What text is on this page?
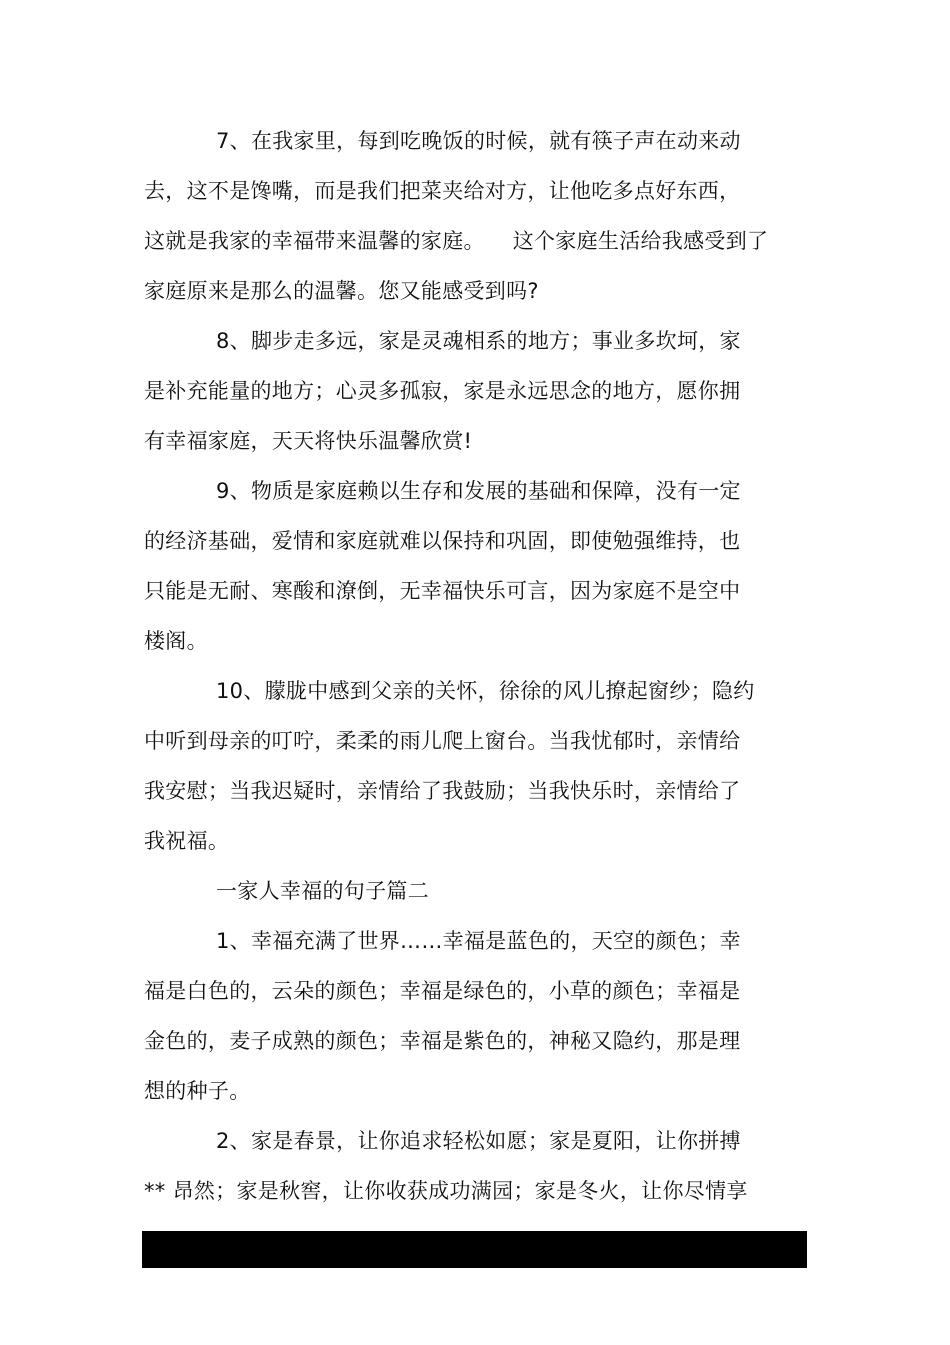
7、在我家里，每到吃晚饭的时候，就有筷子声在动来动
去，这不是馋嘴，而是我们把菜夹给对方，让他吃多点好东西，
这就是我家的幸福带来温馨的家庭。    这个家庭生活给我感受到了
家庭原来是那么的温馨。您又能感受到吗?
8、脚步走多远，家是灵魂相系的地方；事业多坎坷，家
是补充能量的地方；心灵多孤寂，家是永远思念的地方，愿你拥
有幸福家庭，天天将快乐温馨欣赏!
9、物质是家庭赖以生存和发展的基础和保障，没有一定
的经济基础，爱情和家庭就难以保持和巩固，即使勉强维持，也
只能是无耐、寒酸和潦倒，无幸福快乐可言，因为家庭不是空中
楼阁。
10、朦胧中感到父亲的关怀，徐徐的风儿撩起窗纱；隐约
中听到母亲的叮咛，柔柔的雨儿爬上窗台。当我忧郁时，亲情给
我安慰；当我迟疑时，亲情给了我鼓励；当我快乐时，亲情给了
我祝福。
一家人幸福的句子篇二
1、幸福充满了世界……幸福是蓝色的，天空的颜色；幸
福是白色的，云朵的颜色；幸福是绿色的，小草的颜色；幸福是
金色的，麦子成熟的颜色；幸福是紫色的，神秘又隐约，那是理
想的种子。
2、家是春景，让你追求轻松如愿；家是夏阳，让你拼搏
** 昂然；家是秋窖，让你收获成功满园；家是冬火，让你尽情享
